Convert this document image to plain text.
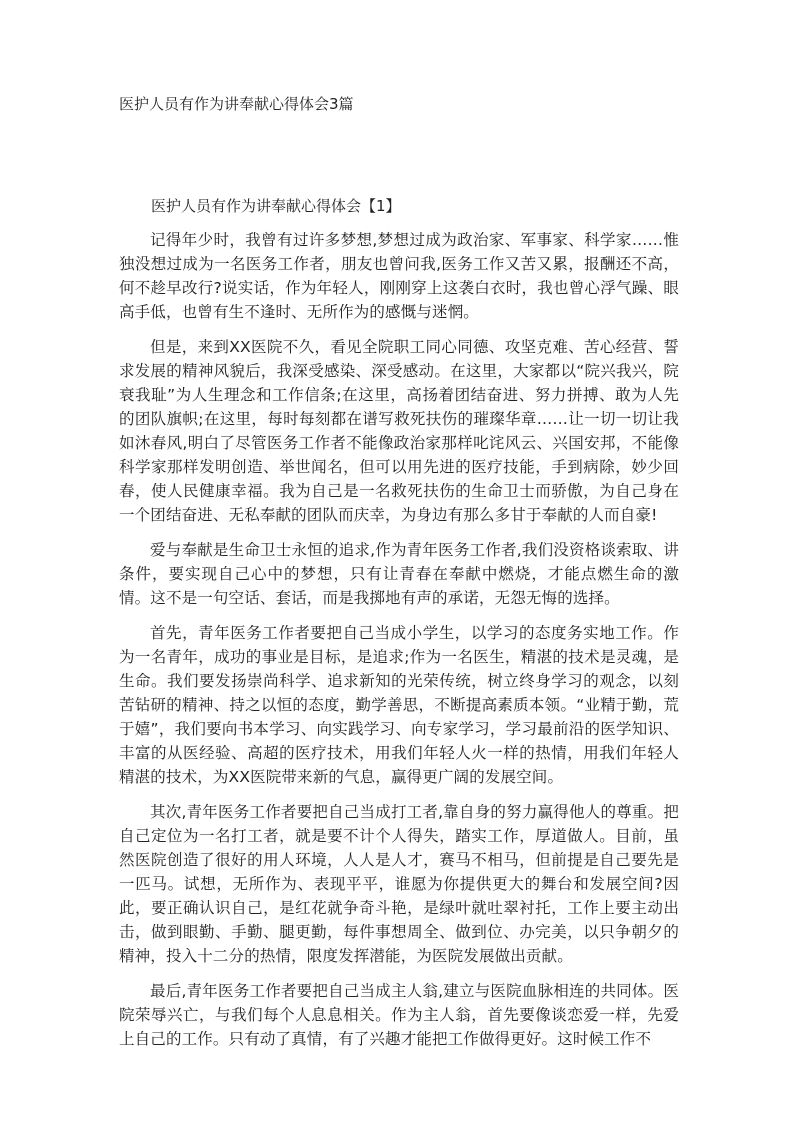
医护人员有作为讲奉献心得体会3篇
医护人员有作为讲奉献心得体会【1】

记得年少时，我曾有过许多梦想,梦想过成为政治家、军事家、科学家……惟独没想过成为一名医务工作者，朋友也曾问我,医务工作又苦又累，报酬还不高，何不趁早改行?说实话，作为年轻人，刚刚穿上这袭白衣时，我也曾心浮气躁、眼高手低，也曾有生不逢时、无所作为的感慨与迷惘。

但是，来到XX医院不久，看见全院职工同心同德、攻坚克难、苦心经营、誓求发展的精神风貌后，我深受感染、深受感动。在这里，大家都以“院兴我兴，院衰我耻”为人生理念和工作信条;在这里，高扬着团结奋进、努力拼搏、敢为人先的团队旗帜;在这里，每时每刻都在谱写救死扶伤的璀璨华章……让一切一切让我如沐春风,明白了尽管医务工作者不能像政治家那样叱诧风云、兴国安邦，不能像科学家那样发明创造、举世闻名，但可以用先进的医疗技能，手到病除，妙少回春，使人民健康幸福。我为自己是一名救死扶伤的生命卫士而骄傲，为自己身在一个团结奋进、无私奉献的团队而庆幸，为身边有那么多甘于奉献的人而自豪!

爱与奉献是生命卫士永恒的追求,作为青年医务工作者,我们没资格谈索取、讲条件，要实现自己心中的梦想，只有让青春在奉献中燃烧，才能点燃生命的激情。这不是一句空话、套话，而是我掷地有声的承诺，无怨无悔的选择。

首先，青年医务工作者要把自己当成小学生，以学习的态度务实地工作。作为一名青年，成功的事业是目标，是追求;作为一名医生，精湛的技术是灵魂，是生命。我们要发扬崇尚科学、追求新知的光荣传统，树立终身学习的观念，以刻苦钻研的精神、持之以恒的态度，勤学善思，不断提高素质本领。“业精于勤，荒于嬉”，我们要向书本学习、向实践学习、向专家学习，学习最前沿的医学知识、丰富的从医经验、高超的医疗技术，用我们年轻人火一样的热情，用我们年轻人精湛的技术，为XX医院带来新的气息，赢得更广阔的发展空间。

其次,青年医务工作者要把自己当成打工者,靠自身的努力赢得他人的尊重。把自己定位为一名打工者，就是要不计个人得失，踏实工作，厚道做人。目前，虽然医院创造了很好的用人环境，人人是人才，赛马不相马，但前提是自己要先是一匹马。试想，无所作为、表现平平，谁愿为你提供更大的舞台和发展空间?因此，要正确认识自己，是红花就争奇斗艳，是绿叶就吐翠衬托，工作上要主动出击，做到眼勤、手勤、腿更勤，每件事想周全、做到位、办完美，以只争朝夕的精神，投入十二分的热情，限度发挥潜能，为医院发展做出贡献。

最后,青年医务工作者要把自己当成主人翁,建立与医院血脉相连的共同体。医院荣辱兴亡，与我们每个人息息相关。作为主人翁，首先要像谈恋爱一样，先爱上自己的工作。只有动了真情，有了兴趣才能把工作做得更好。这时候工作不
